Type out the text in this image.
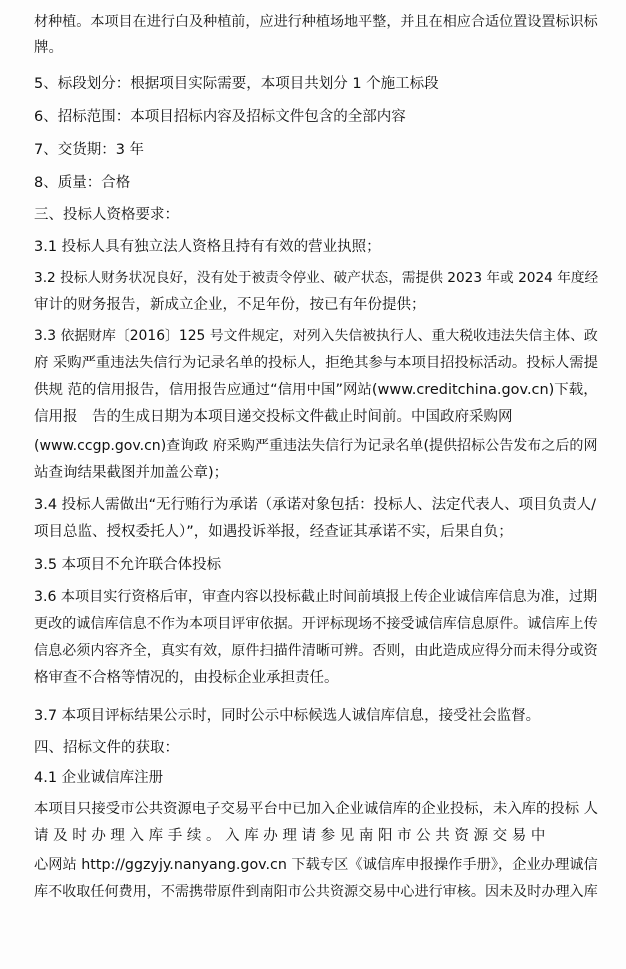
材种植。本项目在进行白及种植前，应进行种植场地平整，并且在相应合适位置设置标识标
牌。
5、标段划分：根据项目实际需要，本项目共划分 1 个施工标段
6、招标范围：本项目招标内容及招标文件包含的全部内容
7、交货期：3 年
8、质量：合格
三、投标人资格要求：
3.1 投标人具有独立法人资格且持有有效的营业执照；
3.2 投标人财务状况良好，没有处于被责令停业、破产状态，需提供 2023 年或 2024 年度经
审计的财务报告，新成立企业，不足年份，按已有年份提供；
3.3 依据财库〔2016〕125 号文件规定，对列入失信被执行人、重大税收违法失信主体、政
府 采购严重违法失信行为记录名单的投标人，拒绝其参与本项目招投标活动。投标人需提
供规 范的信用报告，信用报告应通过“信用中国”网站(www.creditchina.gov.cn)下载，
信用报　告的生成日期为本项目递交投标文件截止时间前。中国政府采购网
(www.ccgp.gov.cn)查询政 府采购严重违法失信行为记录名单(提供招标公告发布之后的网
站查询结果截图并加盖公章)；
3.4 投标人需做出“无行贿行为承诺（承诺对象包括：投标人、法定代表人、项目负责人/
项目总监、授权委托人）”，如遇投诉举报，经查证其承诺不实，后果自负；
3.5 本项目不允许联合体投标
3.6 本项目实行资格后审，审查内容以投标截止时间前填报上传企业诚信库信息为准，过期
更改的诚信库信息不作为本项目评审依据。开评标现场不接受诚信库信息原件。诚信库上传
信息必须内容齐全，真实有效，原件扫描件清晰可辨。否则，由此造成应得分而未得分或资
格审查不合格等情况的，由投标企业承担责任。
3.7 本项目评标结果公示时，同时公示中标候选人诚信库信息，接受社会监督。
四、招标文件的获取：
4.1 企业诚信库注册
本项目只接受市公共资源电子交易平台中已加入企业诚信库的企业投标，未入库的投标 人
请 及 时 办 理 入 库 手 续 。 入 库 办 理 请 参 见 南 阳 市 公 共 资 源 交 易 中
心网站 http://ggzyjy.nanyang.gov.cn 下载专区《诚信库申报操作手册》，企业办理诚信
库不收取任何费用，不需携带原件到南阳市公共资源交易中心进行审核。因未及时办理入库
